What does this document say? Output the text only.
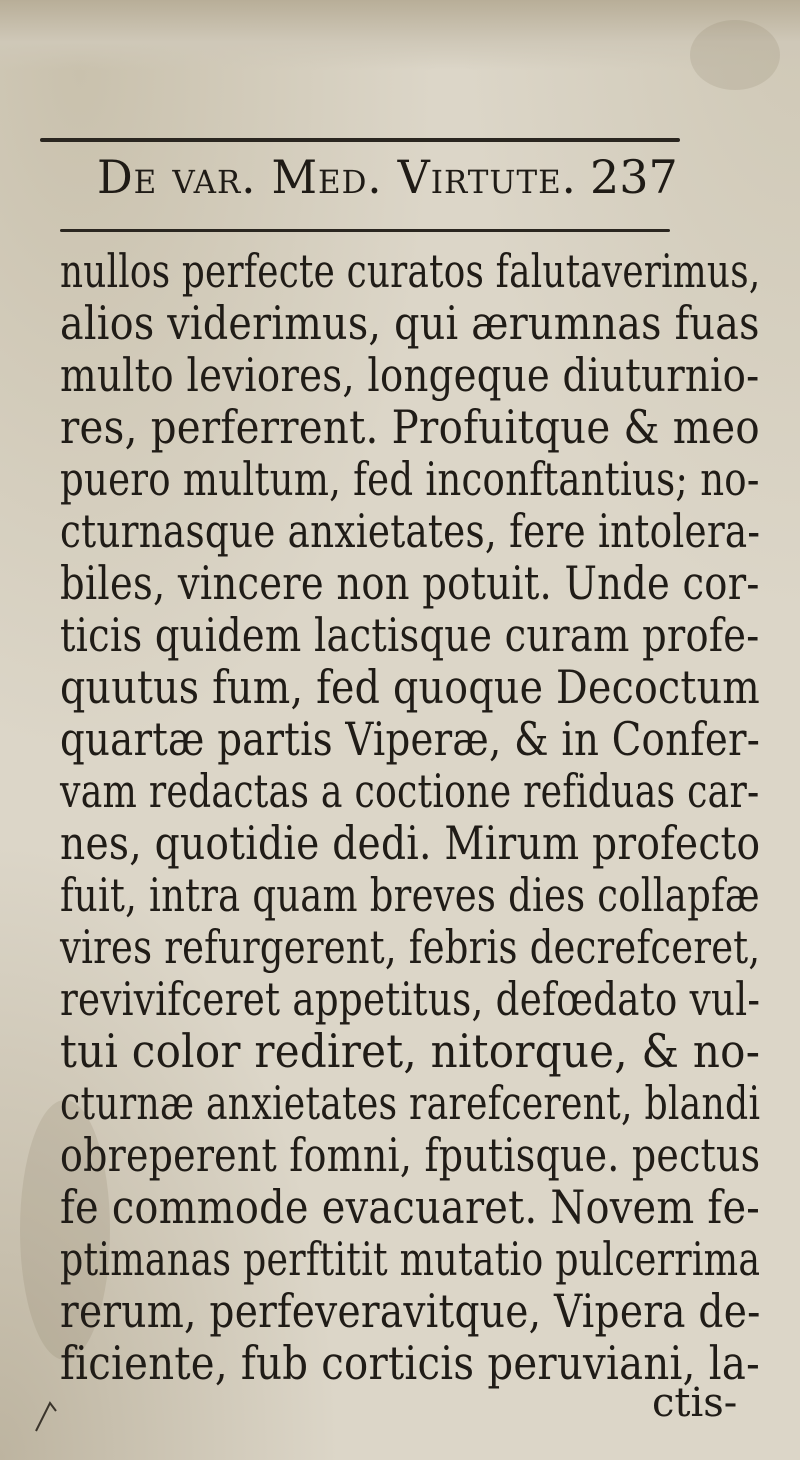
De var. Med. Virtute. 237
nullos perfecte curatos falutaverimus,
alios viderimus, qui ærumnas fuas
multo leviores, longeque diuturnio-
res, perferrent. Profuitque & meo
puero multum, fed inconftantius; no-
cturnasque anxietates, fere intolera-
biles, vincere non potuit. Unde cor-
ticis quidem lactisque curam profe-
quutus fum, fed quoque Decoctum
quartæ partis Viperæ, & in Confer-
vam redactas a coctione refiduas car-
nes, quotidie dedi. Mirum profecto
fuit, intra quam breves dies collapfæ
vires refurgerent, febris decrefceret,
revivifceret appetitus, defœdato vul-
tui color rediret, nitorque, & no-
cturnæ anxietates rarefcerent, blandi
obreperent fomni, fputisque. pectus
fe commode evacuaret. Novem fe-
ptimanas perftitit mutatio pulcerrima
rerum, perfeveravitque, Vipera de-
ficiente, fub corticis peruviani, la-
ctis-
